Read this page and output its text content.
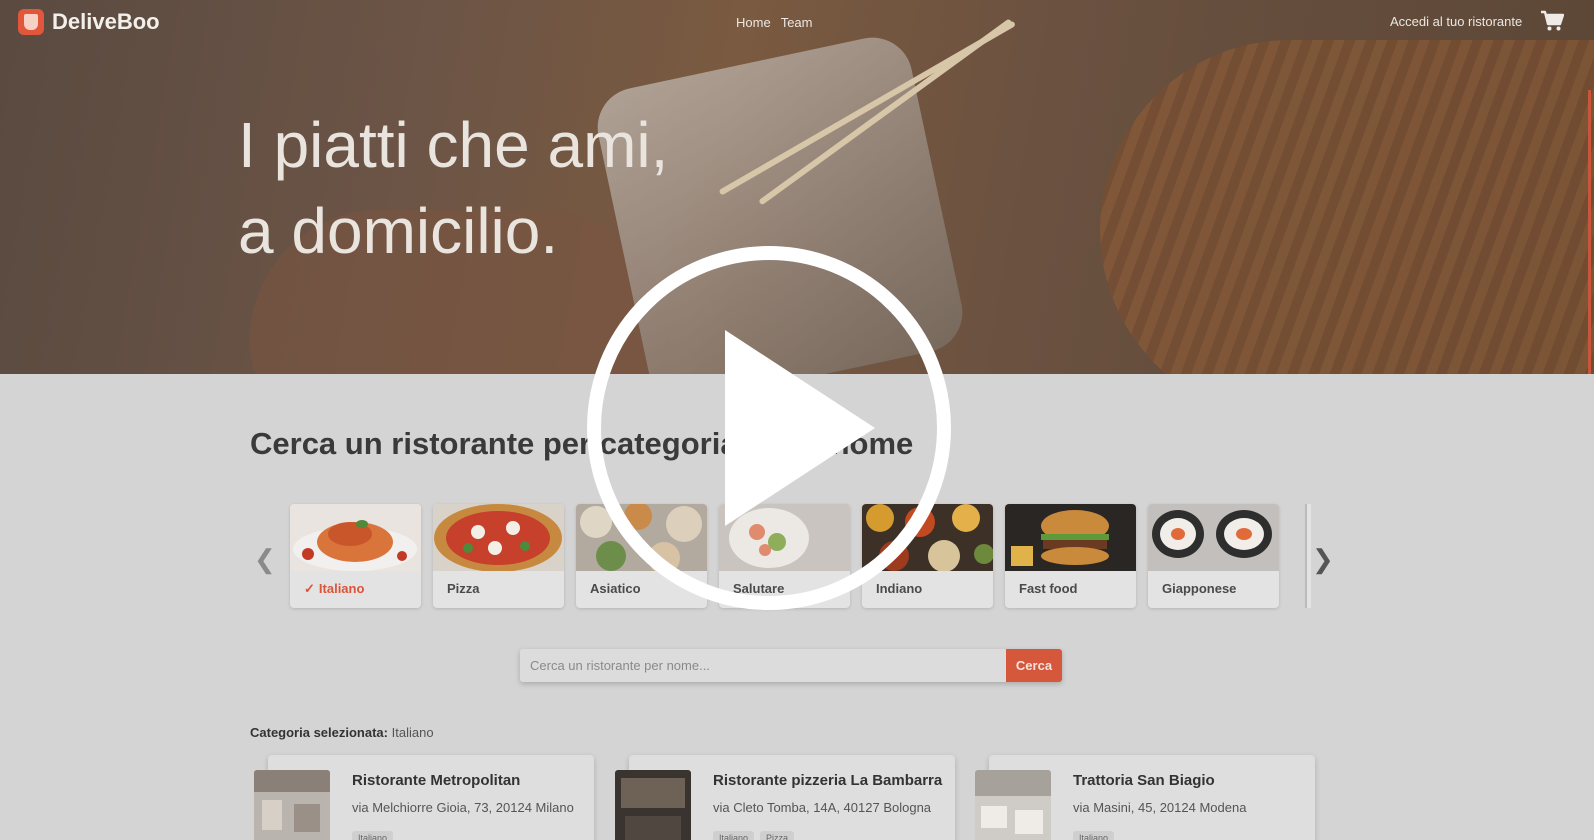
DeliveBoo	Home Team	Accedi al tuo ristorante
I piatti che ami,
a domicilio.
Cerca un ristorante per categoria o per nome
❮
✓ Italiano	Pizza	Asiatico	Salutare	Indiano	Fast food	Giapponese
❯
Cerca un ristorante per nome...
Cerca
Categoria selezionata: Italiano
Ristorante Metropolitan
via Melchiorre Gioia, 73, 20124 Milano
Italiano
Ristorante pizzeria La Bambarra
via Cleto Tomba, 14A, 40127 Bologna
Italiano	Pizza
Trattoria San Biagio
via Masini, 45, 20124 Modena
Italiano
